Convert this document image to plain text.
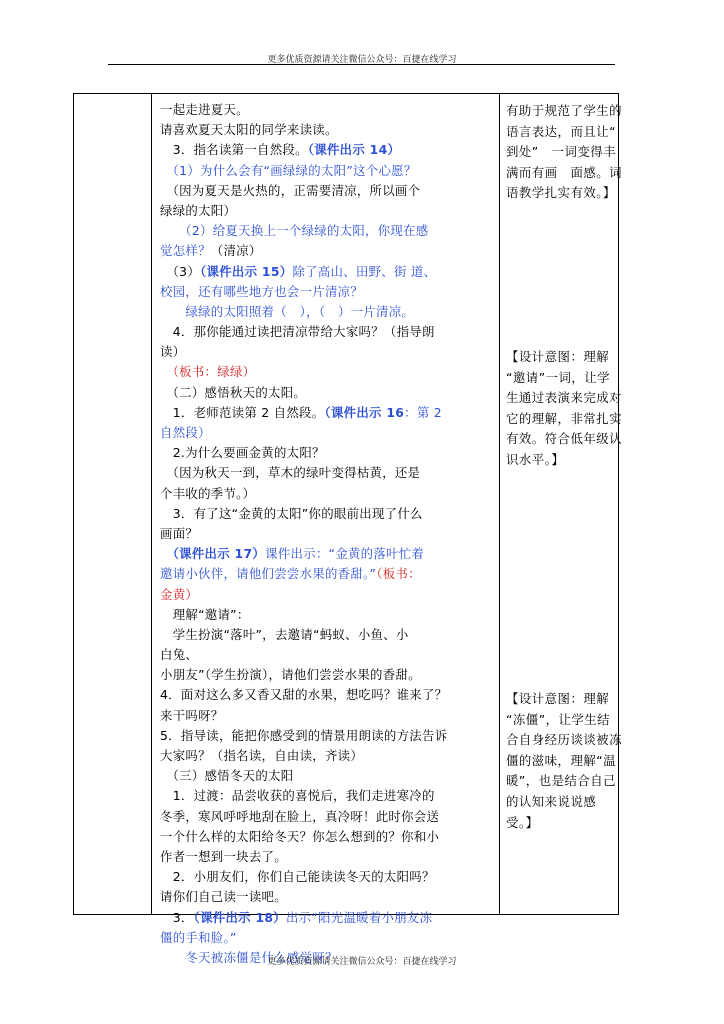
更多优质资源请关注微信公众号：百捷在线学习
一起走进夏天。
请喜欢夏天太阳的同学来读读。
　3．指名读第一自然段。（课件出示 14）
　（1）为什么会有“画绿绿的太阳”这个心愿？
　（因为夏天是火热的，正需要清凉，所以画个
绿绿的太阳）
　　（2）给夏天换上一个绿绿的太阳，你现在感
觉怎样？（清凉）
　（3）（课件出示 15）除了高山、田野、街 道、
校园，还有哪些地方也会一片清凉？
　　绿绿的太阳照着（　），（　）一片清凉。
　4．那你能通过读把清凉带给大家吗？（指导朗
读）
　（板书：绿绿）
　（二）感悟秋天的太阳。
　1．老师范读第 2 自然段。（课件出示 16：第 2
自然段）
　2.为什么要画金黄的太阳？
　（因为秋天一到，草木的绿叶变得枯黄，还是
个丰收的季节。）
　3．有了这“金黄的太阳”你的眼前出现了什么
画面？
　（课件出示 17）课件出示：“金黄的落叶忙着
邀请小伙伴，请他们尝尝水果的香甜。”（板书：
金黄）
　理解“邀请”：
　学生扮演“落叶”，去邀请“蚂蚁、小鱼、小
白兔、
小朋友”（学生扮演），请他们尝尝水果的香甜。
4．面对这么多又香又甜的水果，想吃吗？谁来了？
来干吗呀？
5．指导读，能把你感受到的情景用朗读的方法告诉
大家吗？（指名读，自由读，齐读）
　（三）感悟冬天的太阳
　1．过渡：品尝收获的喜悦后，我们走进寒冷的
冬季，寒风呼呼地刮在脸上，真冷呀！此时你会送
一个什么样的太阳给冬天？你怎么想到的？你和小
作者一想到一块去了。
　2．小朋友们，你们自己能读读冬天的太阳吗？
请你们自己读一读吧。
　3．（课件出示 18）出示“阳光温暖着小朋友冻
僵的手和脸。”
　　冬天被冻僵是什么感觉呀？
有助于规范了学生的
语言表达，而且让“
到处”　一词变得丰
满而有画　面感。词
语教学扎实有效。】
【设计意图：理解
“邀请”一词，让学
生通过表演来完成对
它的理解，非常扎实
有效。符合低年级认
识水平。】
【设计意图：理解
“冻僵”，让学生结
合自身经历谈谈被冻
僵的滋味，理解“温
暖”，也是结合自己
的认知来说说感
受。】
更多优质资源请关注微信公众号：百捷在线学习
